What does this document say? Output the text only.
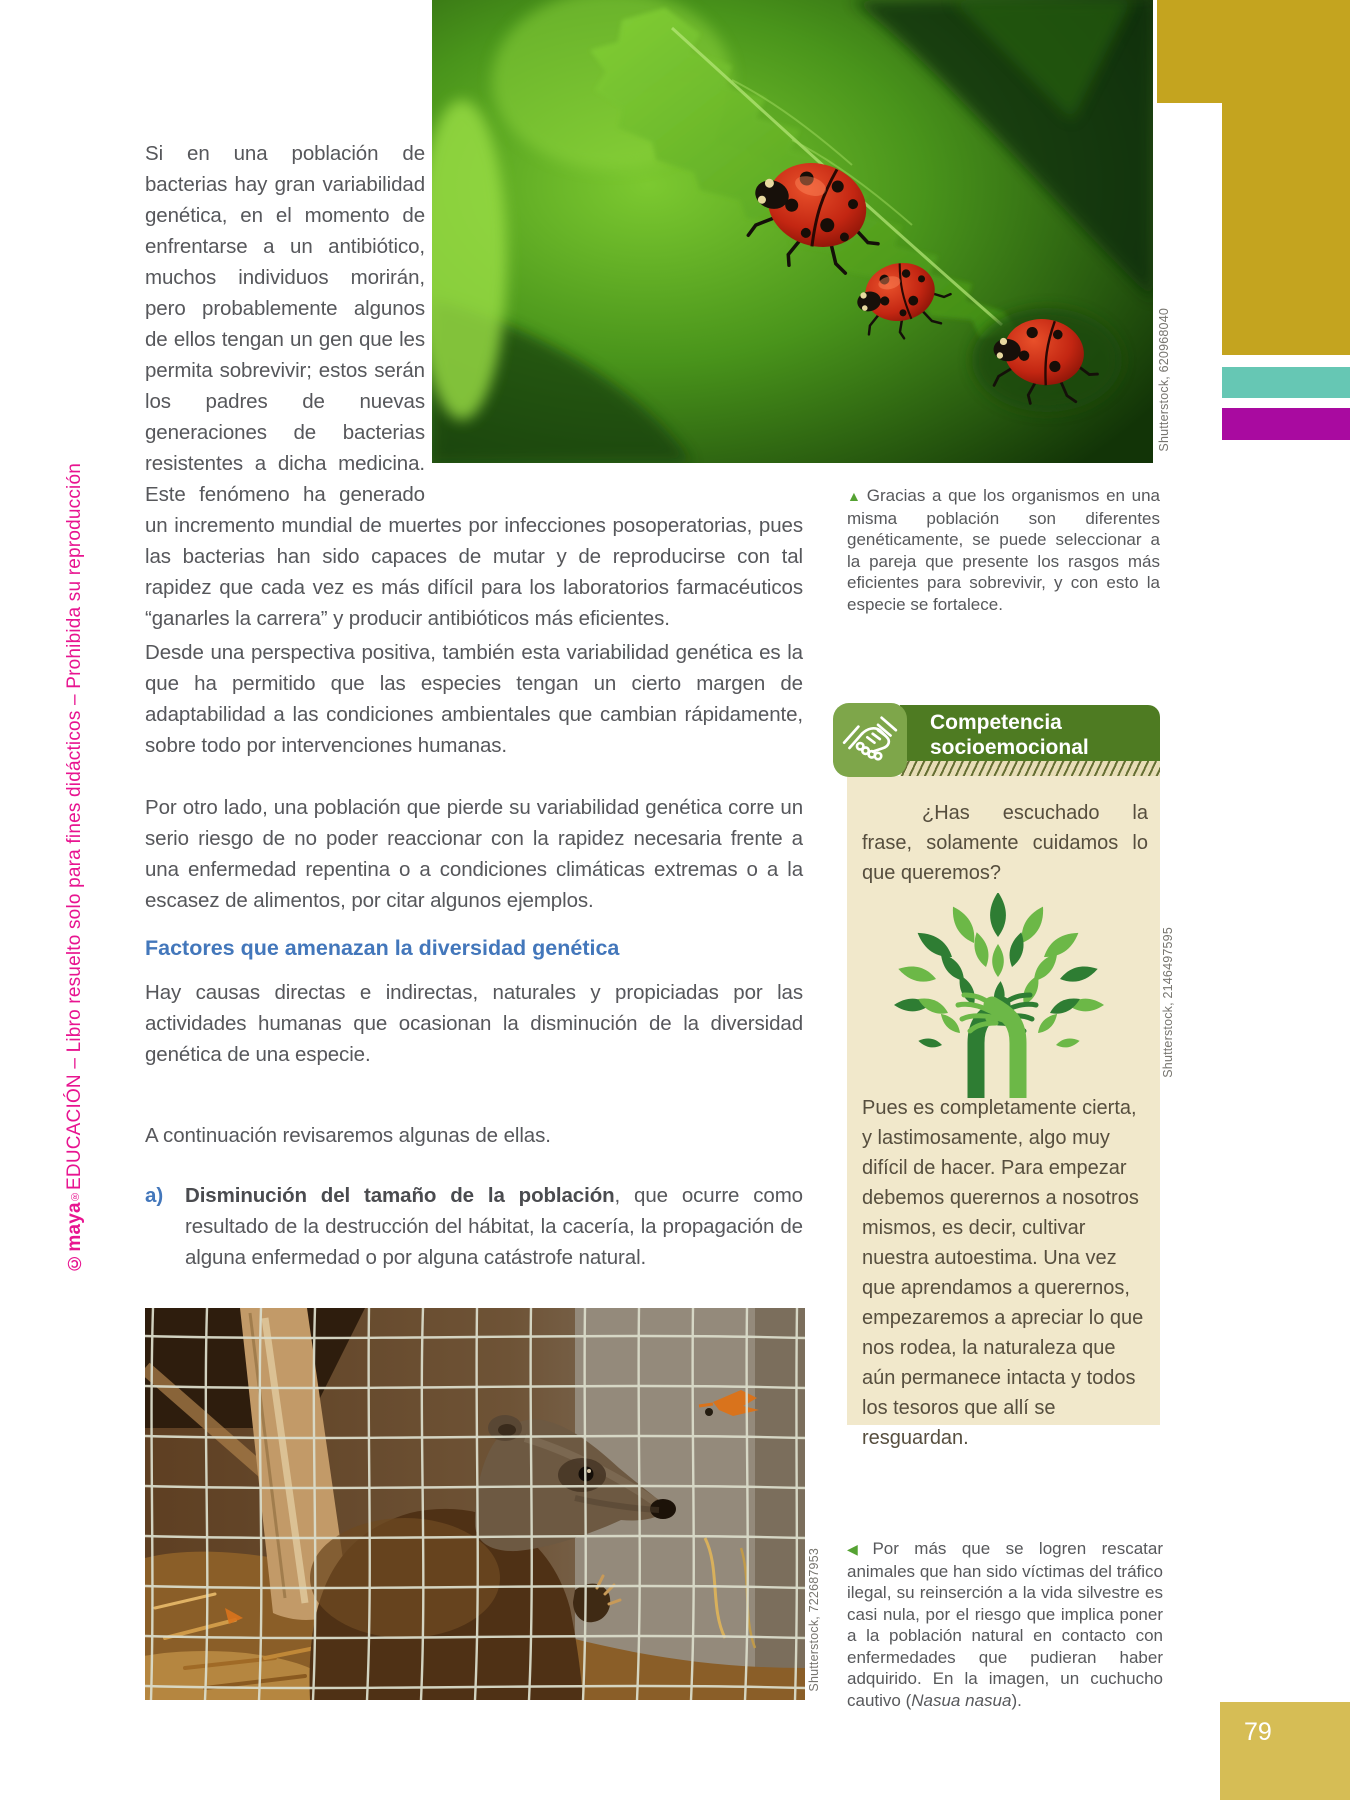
©maya®EDUCACIÓN – Libro resuelto solo para fines didácticos – Prohibida su reproducción
Shutterstock, 620968040

Si en una población de bacterias hay gran variabilidad genética, en el momento de enfrentarse a un antibiótico, muchos individuos morirán, pero probablemente algunos de ellos tengan un gen que les permita sobrevivir; estos serán los padres de nuevas generaciones de bacterias resistentes a dicha medicina. Este fenómeno ha generado un incremento mundial de muertes por infecciones posoperatorias, pues las bacterias han sido capaces de mutar y de reproducirse con tal rapidez que cada vez es más difícil para los laboratorios farmacéuticos “ganarles la carrera” y producir antibióticos más eficientes.

Desde una perspectiva positiva, también esta variabilidad genética es la que ha permitido que las especies tengan un cierto margen de adaptabilidad a las condiciones ambientales que cambian rápidamente, sobre todo por intervenciones humanas.

Por otro lado, una población que pierde su variabilidad genética corre un serio riesgo de no poder reaccionar con la rapidez necesaria frente a una enfermedad repentina o a condiciones climáticas extremas o a la escasez de alimentos, por citar algunos ejemplos.

Factores que amenazan la diversidad genética

Hay causas directas e indirectas, naturales y propiciadas por las actividades humanas que ocasionan la disminución de la diversidad genética de una especie.

A continuación revisaremos algunas de ellas.

a)	Disminución del tamaño de la población, que ocurre como resultado de la destrucción del hábitat, la cacería, la propagación de alguna enfermedad o por alguna catástrofe natural.

Shutterstock, 722687953

▲ Gracias a que los organismos en una misma población son diferentes genéticamente, se puede seleccionar a la pareja que presente los rasgos más eficientes para sobrevivir, y con esto la especie se fortalece.

Competencia
socioemocional

¿Has escuchado la frase, solamente cuidamos lo que queremos?

Shutterstock, 2146497595

Pues es completamente cierta, y lastimosamente, algo muy difícil de hacer. Para empezar debemos querernos a nosotros mismos, es decir, cultivar nuestra autoestima. Una vez que aprendamos a querernos, empezaremos a apreciar lo que nos rodea, la naturaleza que aún permanece intacta y todos los tesoros que allí se resguardan.

◀ Por más que se logren rescatar animales que han sido víctimas del tráfico ilegal, su reinserción a la vida silvestre es casi nula, por el riesgo que implica poner a la población natural en contacto con enfermedades que pudieran haber adquirido. En la imagen, un cuchucho cautivo (Nasua nasua).

79
